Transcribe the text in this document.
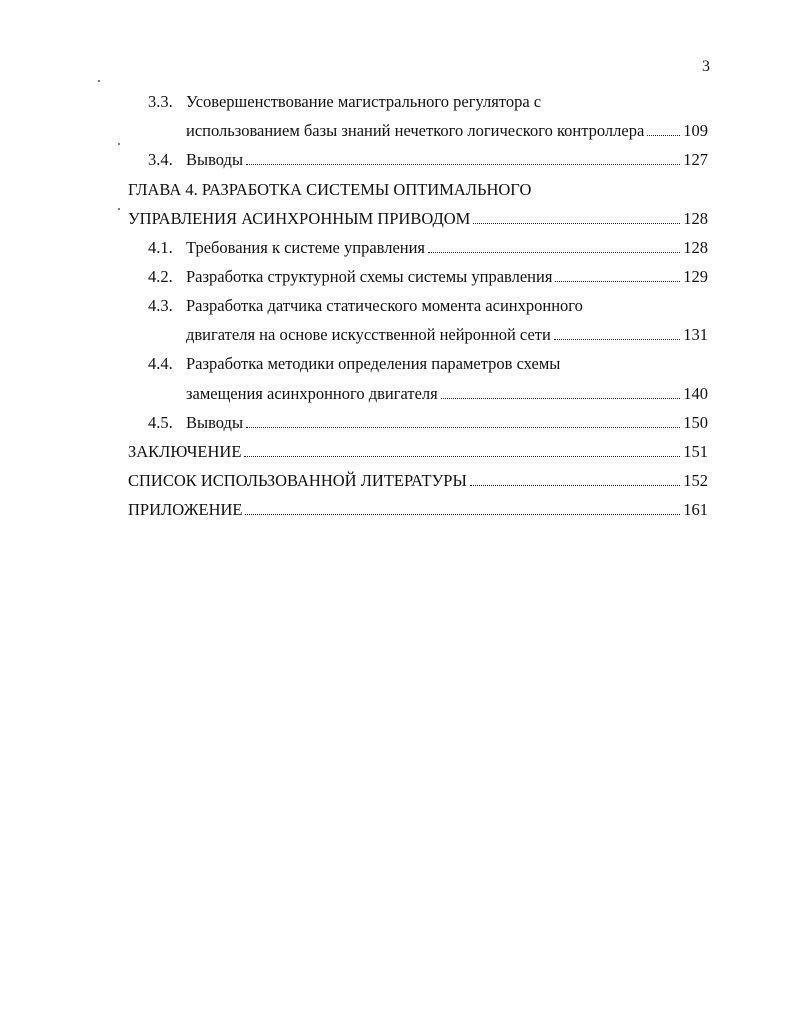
3
3.3. Усовершенствование магистрального регулятора с
использованием базы знаний нечеткого логического контроллера 109
3.4. Выводы	127
ГЛАВА 4. РАЗРАБОТКА СИСТЕМЫ ОПТИМАЛЬНОГО
УПРАВЛЕНИЯ АСИНХРОННЫМ ПРИВОДОМ	128
4.1. Требования к системе управления	128
4.2. Разработка структурной схемы системы управления	129
4.3. Разработка датчика статического момента асинхронного
двигателя на основе искусственной нейронной сети	131
4.4. Разработка методики определения параметров схемы
замещения асинхронного двигателя	140
4.5. Выводы	150
ЗАКЛЮЧЕНИЕ	151
СПИСОК ИСПОЛЬЗОВАННОЙ ЛИТЕРАТУРЫ	152
ПРИЛОЖЕНИЕ	161
